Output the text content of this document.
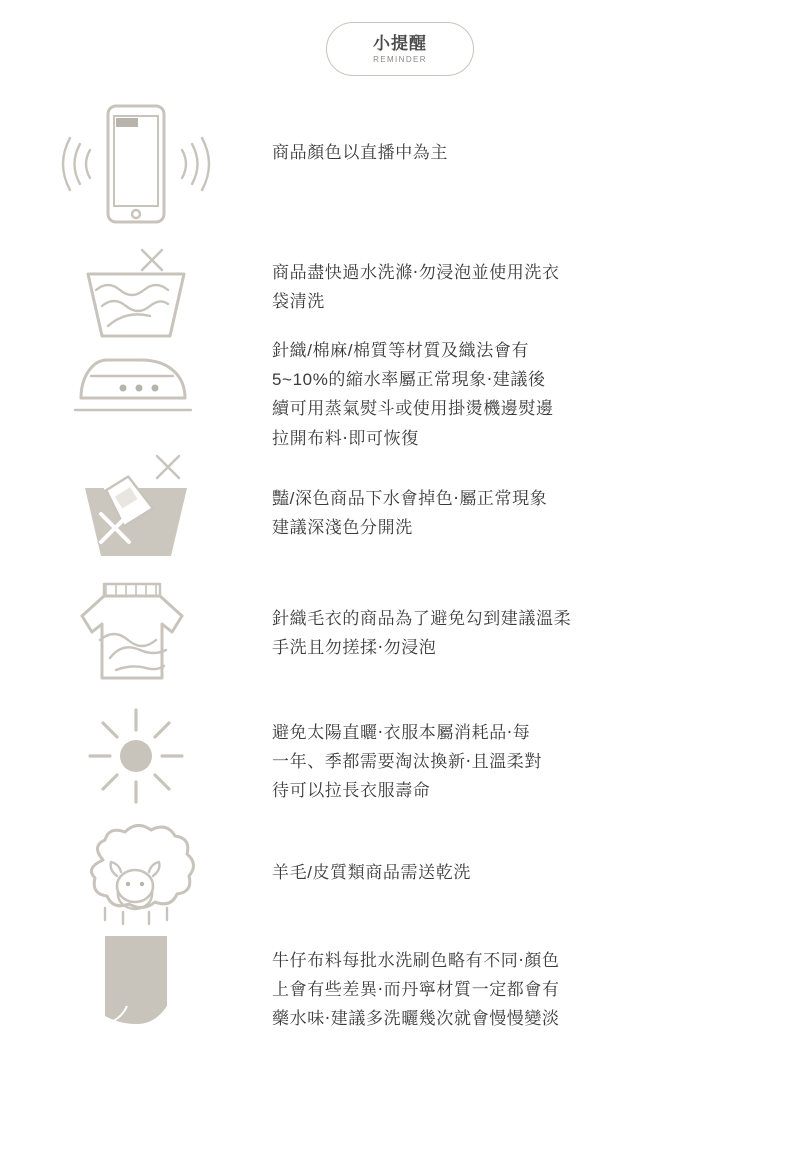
小提醒
REMINDER

商品顏色以直播中為主

商品盡快過水洗滌‧勿浸泡並使用洗衣

袋清洗

針織/棉麻/棉質等材質及織法會有

5~10%的縮水率屬正常現象‧建議後

續可用蒸氣熨斗或使用掛燙機邊熨邊

拉開布料‧即可恢復

豔/深色商品下水會掉色‧屬正常現象

建議深淺色分開洗

針織毛衣的商品為了避免勾到建議溫柔

手洗且勿搓揉‧勿浸泡

避免太陽直曬‧衣服本屬消耗品‧每

一年、季都需要淘汰換新‧且溫柔對

待可以拉長衣服壽命

羊毛/皮質類商品需送乾洗

牛仔布料每批水洗刷色略有不同‧顏色

上會有些差異‧而丹寧材質一定都會有

藥水味‧建議多洗曬幾次就會慢慢變淡
